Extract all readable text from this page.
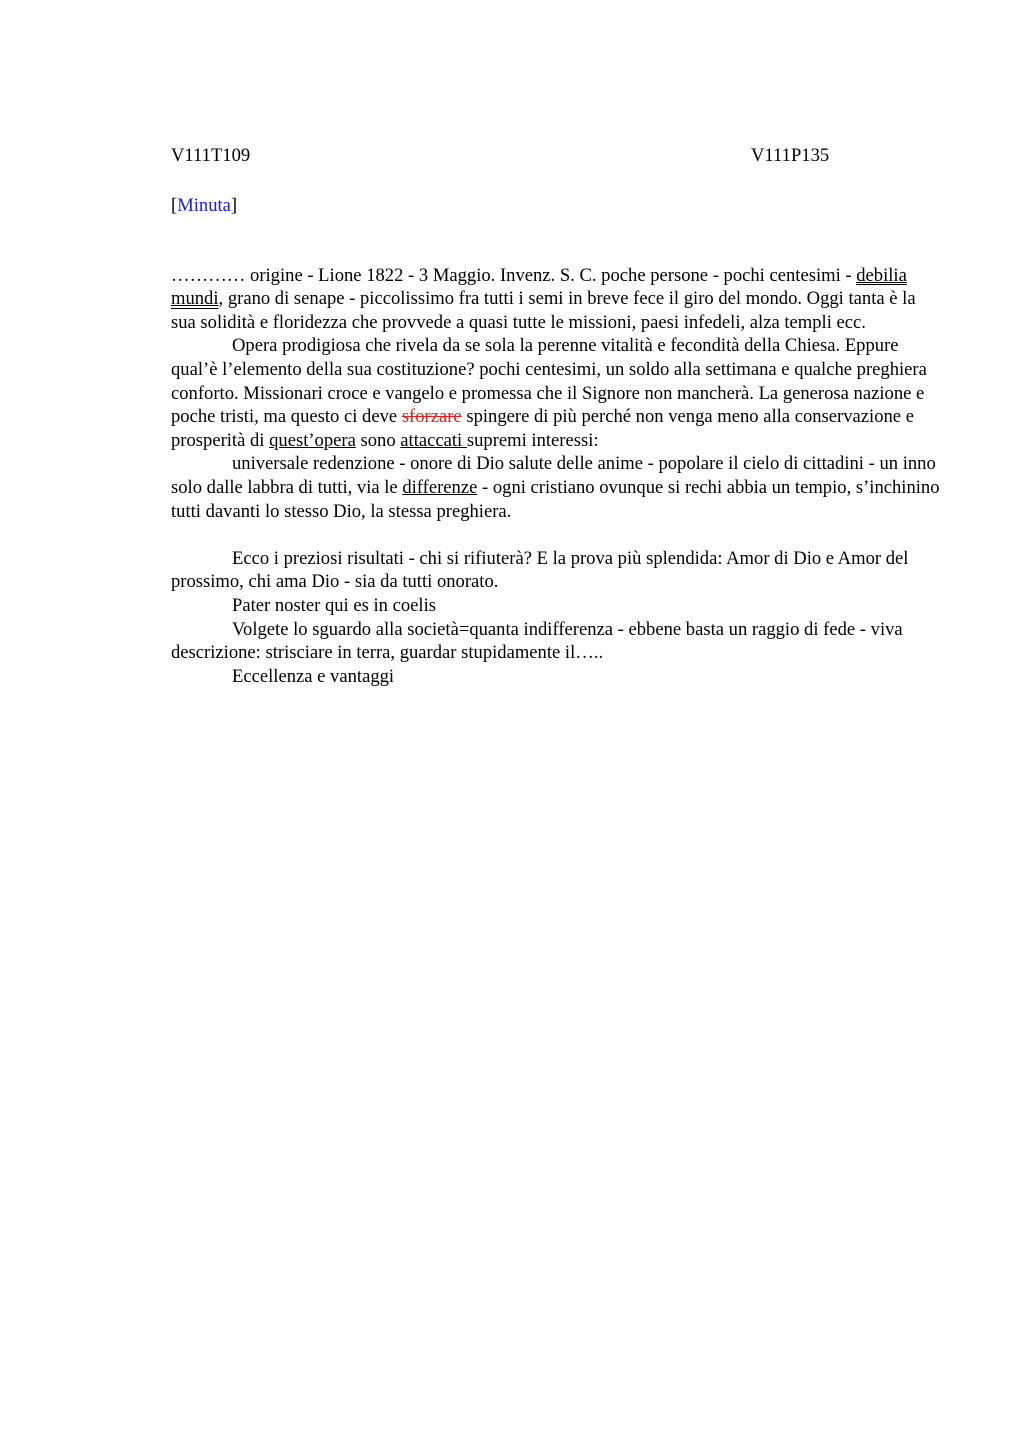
V111T109	V111P135
[Minuta]

………… origine - Lione 1822 - 3 Maggio. Invenz. S. C. poche persone - pochi centesimi - debilia mundi, grano di senape - piccolissimo fra tutti i semi in breve fece il giro del mondo. Oggi tanta è la sua solidità e floridezza che provvede a quasi tutte le missioni, paesi infedeli, alza templi ecc.

Opera prodigiosa che rivela da se sola la perenne vitalità e fecondità della Chiesa. Eppure qual’è l’elemento della sua costituzione? pochi centesimi, un soldo alla settimana e qualche preghiera conforto. Missionari croce e vangelo e promessa che il Signore non mancherà. La generosa nazione e poche tristi, ma questo ci deve sforzare spingere di più perché non venga meno alla conservazione e prosperità di quest’opera sono attaccati supremi interessi:

universale redenzione - onore di Dio salute delle anime - popolare il cielo di cittadini - un inno solo dalle labbra di tutti, via le differenze - ogni cristiano ovunque si rechi abbia un tempio, s’inchinino tutti davanti lo stesso Dio, la stessa preghiera.

Ecco i preziosi risultati - chi si rifiuterà? E la prova più splendida: Amor di Dio e Amor del prossimo, chi ama Dio - sia da tutti onorato.

Pater noster qui es in coelis

Volgete lo sguardo alla società=quanta indifferenza - ebbene basta un raggio di fede - viva descrizione: strisciare in terra, guardar stupidamente il…..

Eccellenza e vantaggi
